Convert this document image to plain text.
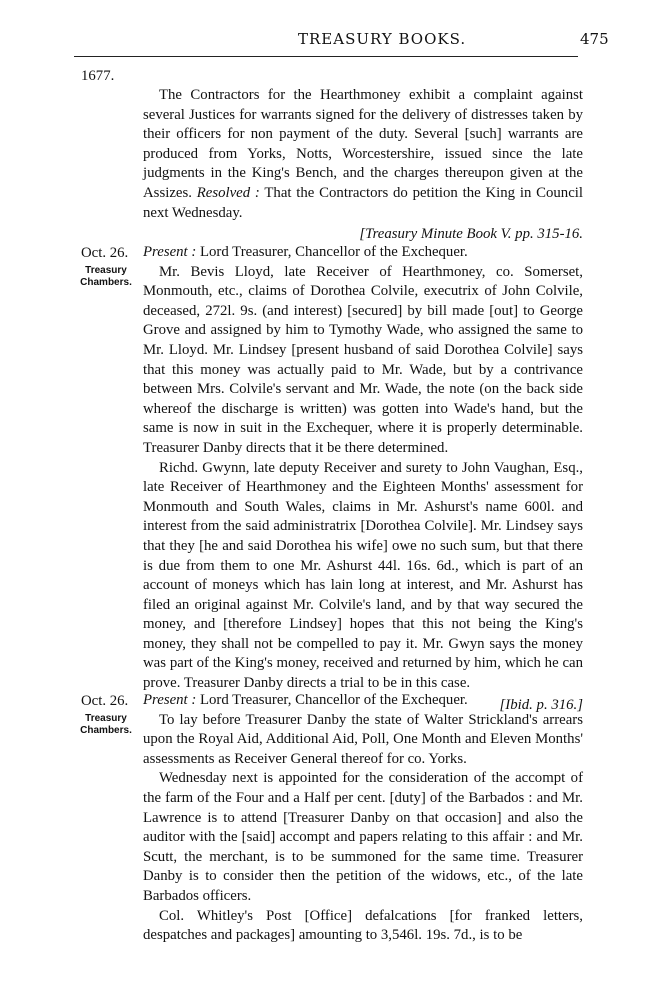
TREASURY BOOKS.	475
1677.

The Contractors for the Hearthmoney exhibit a complaint against several Justices for warrants signed for the delivery of distresses taken by their officers for non payment of the duty. Several [such] warrants are produced from Yorks, Notts, Worcestershire, issued since the late judgments in the King's Bench, and the charges thereupon given at the Assizes. Resolved : That the Contractors do petition the King in Council next Wednesday.

[Treasury Minute Book V. pp. 315-16.

Oct. 26.
Treasury
Chambers.

Present : Lord Treasurer, Chancellor of the Exchequer.

Mr. Bevis Lloyd, late Receiver of Hearthmoney, co. Somerset, Monmouth, etc., claims of Dorothea Colvile, executrix of John Colvile, deceased, 272l. 9s. (and interest) [secured] by bill made [out] to George Grove and assigned by him to Tymothy Wade, who assigned the same to Mr. Lloyd. Mr. Lindsey [present husband of said Dorothea Colvile] says that this money was actually paid to Mr. Wade, but by a contrivance between Mrs. Colvile's servant and Mr. Wade, the note (on the back side whereof the discharge is written) was gotten into Wade's hand, but the same is now in suit in the Exchequer, where it is properly determinable. Treasurer Danby directs that it be there determined.

Richd. Gwynn, late deputy Receiver and surety to John Vaughan, Esq., late Receiver of Hearthmoney and the Eighteen Months' assessment for Monmouth and South Wales, claims in Mr. Ashurst's name 600l. and interest from the said administratrix [Dorothea Colvile]. Mr. Lindsey says that they [he and said Dorothea his wife] owe no such sum, but that there is due from them to one Mr. Ashurst 44l. 16s. 6d., which is part of an account of moneys which has lain long at interest, and Mr. Ashurst has filed an original against Mr. Colvile's land, and by that way secured the money, and [therefore Lindsey] hopes that this not being the King's money, they shall not be compelled to pay it. Mr. Gwyn says the money was part of the King's money, received and returned by him, which he can prove. Treasurer Danby directs a trial to be in this case.

[Ibid. p. 316.]

Oct. 26.
Treasury
Chambers.

Present : Lord Treasurer, Chancellor of the Exchequer.

To lay before Treasurer Danby the state of Walter Strickland's arrears upon the Royal Aid, Additional Aid, Poll, One Month and Eleven Months' assessments as Receiver General thereof for co. Yorks.

Wednesday next is appointed for the consideration of the accompt of the farm of the Four and a Half per cent. [duty] of the Barbados : and Mr. Lawrence is to attend [Treasurer Danby on that occasion] and also the auditor with the [said] accompt and papers relating to this affair : and Mr. Scutt, the merchant, is to be summoned for the same time. Treasurer Danby is to consider then the petition of the widows, etc., of the late Barbados officers.

Col. Whitley's Post [Office] defalcations [for franked letters, despatches and packages] amounting to 3,546l. 19s. 7d., is to be
